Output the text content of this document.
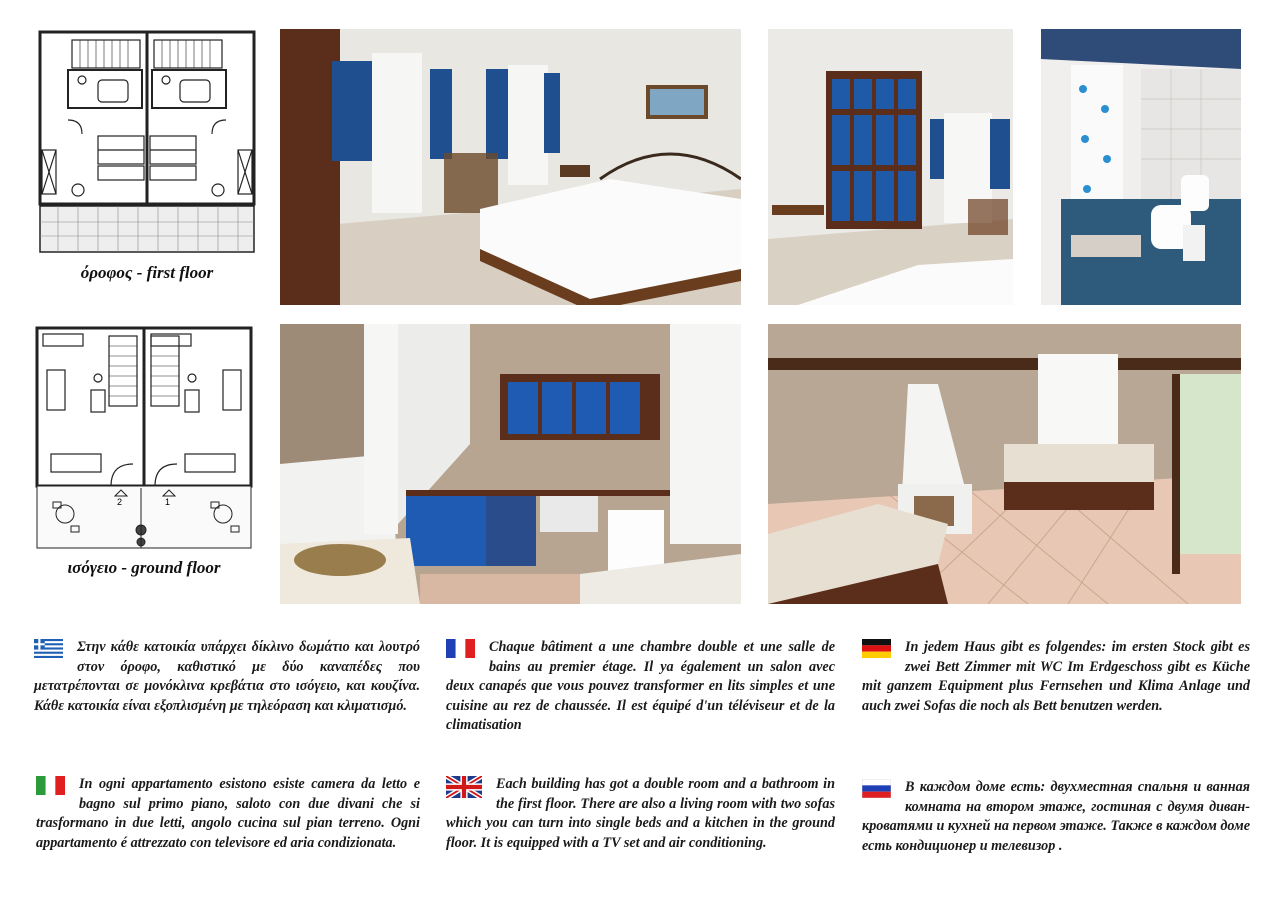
όροφος - first floor
2	1
ισόγειο - ground floor
Στην κάθε κατοικία υπάρχει δίκλινο δωμάτιο και λουτρό στον όροφο, καθιστικό με δύο καναπέδες που μετατρέπονται σε μονόκλινα κρεβάτια στο ισόγειο, και κουζίνα. Κάθε κατοικία είναι εξοπλισμένη με τηλεόραση και κλιματισμό.
Chaque bâtiment a une chambre double et une salle de bains au premier étage. Il ya également un salon avec deux canapés que vous pouvez transformer en lits simples et une cuisine au rez de chaussée. Il est équipé d'un téléviseur et de la climatisation
In jedem Haus gibt es folgendes: im ersten Stock gibt es zwei Bett Zimmer mit WC Im Erdgeschoss gibt es Küche mit ganzem Equipment plus Fernsehen und Klima Anlage und auch zwei Sofas die noch als Bett benutzen werden.
In ogni appartamento esistono esiste camera da letto e bagno sul primo piano, saloto con due divani che si trasformano in due letti, angolo cucina sul pian terreno. Ogni appartamento é attrezzato con televisore ed aria condizionata.
Each building has got a double room and a bathroom in the first floor. There are also a living room with two sofas which you can turn into single beds and a kitchen in the ground floor. It is equipped with a TV set and air conditioning.
В каждом доме есть: двухместная спальня и ванная комната на втором этаже, гостиная с двумя диван-кроватями и кухней на первом этаже. Также в каждом доме есть кондиционер и телевизор .
